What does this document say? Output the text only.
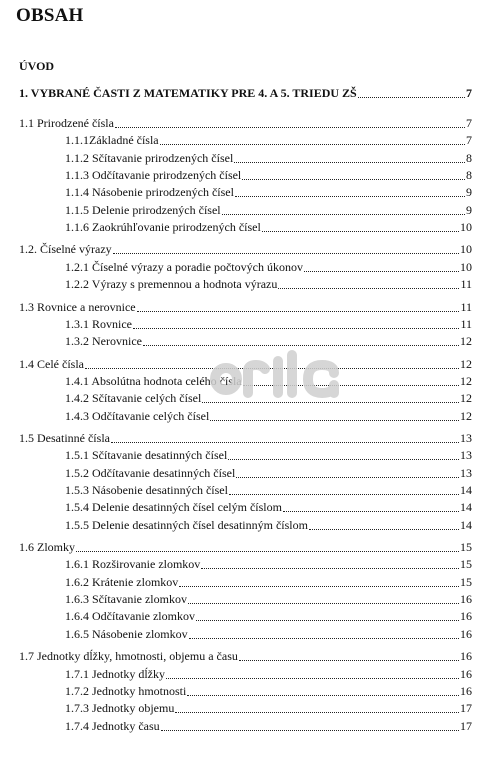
OBSAH
ÚVOD
1. VYBRANÉ ČASTI Z MATEMATIKY PRE 4. A 5. TRIEDU ZŠ	7
1.1 Prirodzené čísla	7
1.1.1Základné čísla	7
1.1.2 Sčítavanie prirodzených čísel	8
1.1.3 Odčítavanie prirodzených čísel	8
1.1.4 Násobenie prirodzených čísel	9
1.1.5 Delenie prirodzených čísel	9
1.1.6 Zaokrúhľovanie prirodzených čísel	10
1.2. Číselné výrazy	10
1.2.1 Číselné výrazy a poradie počtových úkonov	10
1.2.2 Výrazy s premennou a hodnota výrazu	11
1.3 Rovnice a nerovnice	11
1.3.1 Rovnice	11
1.3.2 Nerovnice	12
1.4 Celé čísla	12
1.4.1 Absolútna hodnota celého čísla	12
1.4.2 Sčítavanie celých čísel	12
1.4.3 Odčítavanie celých čísel	12
1.5 Desatinné čísla	13
1.5.1 Sčítavanie desatinných čísel	13
1.5.2 Odčítavanie desatinných čísel	13
1.5.3 Násobenie desatinných čísel	14
1.5.4 Delenie desatinných čísel celým číslom	14
1.5.5 Delenie desatinných čísel desatinným číslom	14
1.6 Zlomky	15
1.6.1 Rozširovanie zlomkov	15
1.6.2 Krátenie zlomkov	15
1.6.3 Sčítavanie zlomkov	16
1.6.4 Odčítavanie zlomkov	16
1.6.5 Násobenie zlomkov	16
1.7 Jednotky dĺžky, hmotnosti, objemu a času	16
1.7.1 Jednotky dĺžky	16
1.7.2 Jednotky hmotnosti	16
1.7.3 Jednotky objemu	17
1.7.4 Jednotky času	17
